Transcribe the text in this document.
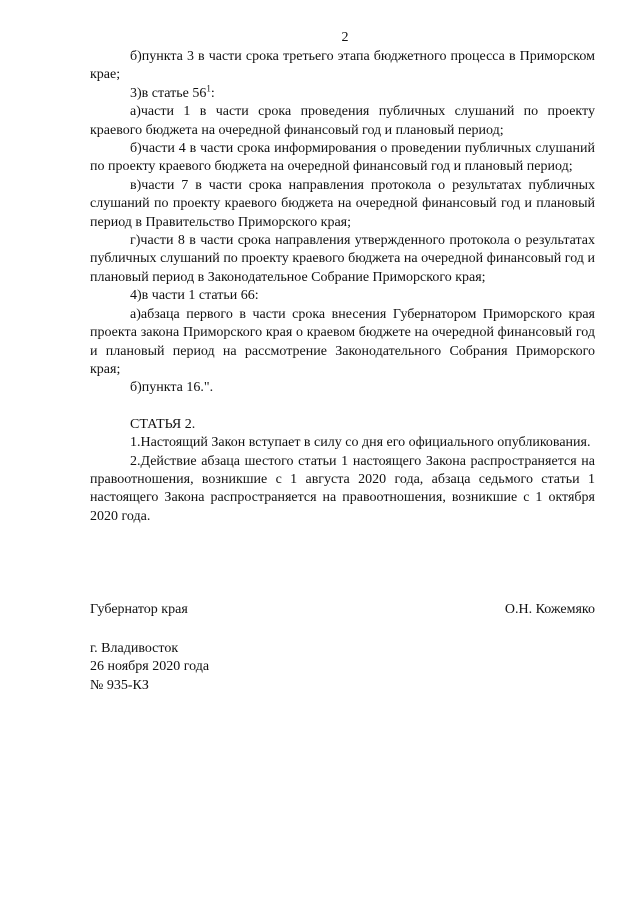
2

б)пункта 3 в части срока третьего этапа бюджетного процесса в Приморском крае;

3)в статье $56^1$:

а)части 1 в части срока проведения публичных слушаний по проекту краевого бюджета на очередной финансовый год и плановый период;

б)части 4 в части срока информирования о проведении публичных слушаний по проекту краевого бюджета на очередной финансовый год и плановый период;

в)части 7 в части срока направления протокола о результатах публичных слушаний по проекту краевого бюджета на очередной финансовый год и плановый период в Правительство Приморского края;

г)части 8 в части срока направления утвержденного протокола о результатах публичных слушаний по проекту краевого бюджета на очередной финансовый год и плановый период в Законодательное Собрание Приморского края;

4)в части 1 статьи 66:

а)абзаца первого в части срока внесения Губернатором Приморского края проекта закона Приморского края о краевом бюджете на очередной финансовый год и плановый период на рассмотрение Законодательного Собрания Приморского края;

б)пункта 16.".

СТАТЬЯ 2.

1.Настоящий Закон вступает в силу со дня его официального опубликования.

2.Действие абзаца шестого статьи 1 настоящего Закона распространяется на правоотношения, возникшие с 1 августа 2020 года, абзаца седьмого статьи 1 настоящего Закона распространяется на правоотношения, возникшие с 1 октября 2020 года.

Губернатор края	О.Н. Кожемяко
г. Владивосток
26 ноября 2020 года
№ 935-КЗ
